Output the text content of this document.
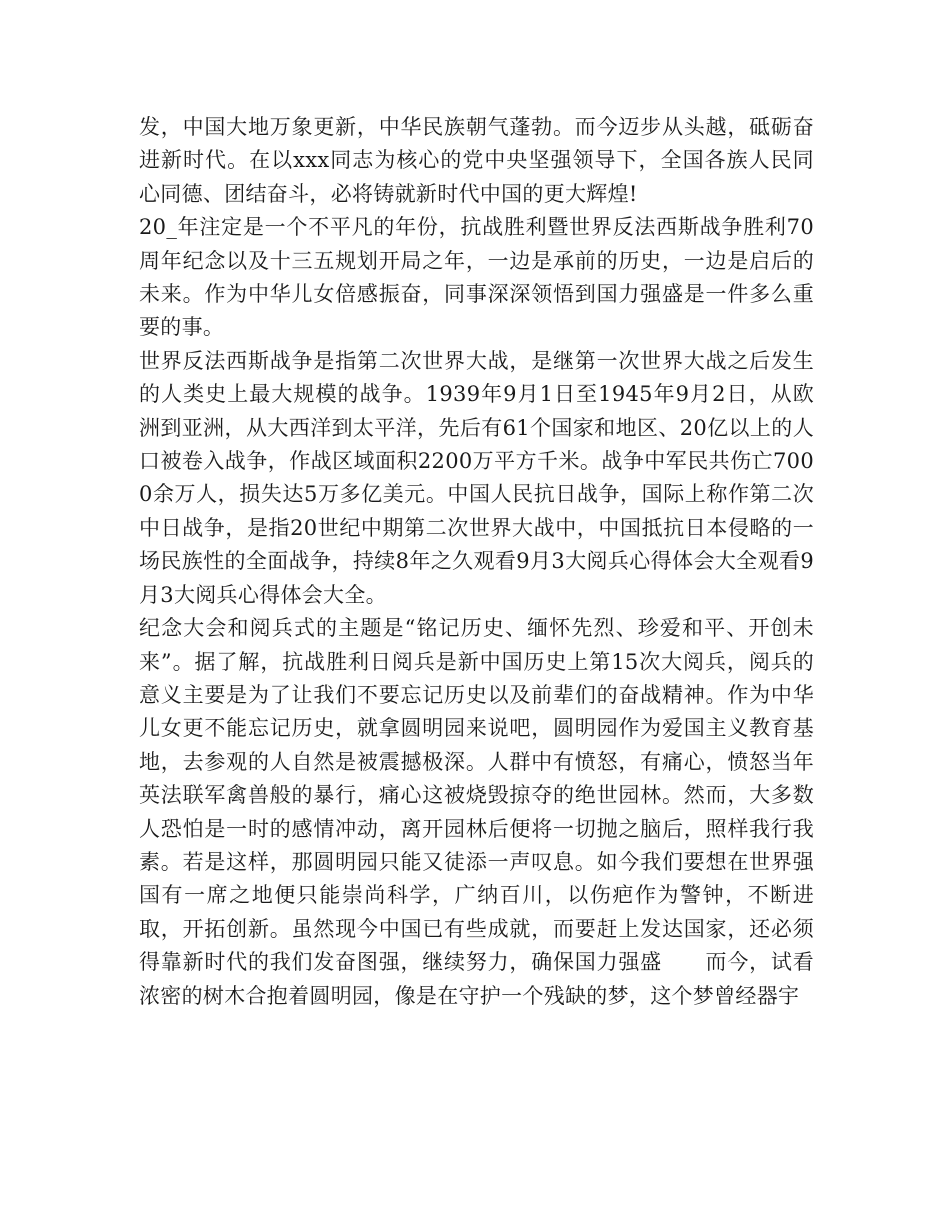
发，中国大地万象更新，中华民族朝气蓬勃。而今迈步从头越，砥砺奋进新时代。在以xxx同志为核心的党中央坚强领导下，全国各族人民同心同德、团结奋斗，必将铸就新时代中国的更大辉煌!

20_年注定是一个不平凡的年份，抗战胜利暨世界反法西斯战争胜利70周年纪念以及十三五规划开局之年，一边是承前的历史，一边是启后的未来。作为中华儿女倍感振奋，同事深深领悟到国力强盛是一件多么重要的事。

世界反法西斯战争是指第二次世界大战，是继第一次世界大战之后发生的人类史上最大规模的战争。1939年9月1日至1945年9月2日，从欧洲到亚洲，从大西洋到太平洋，先后有61个国家和地区、20亿以上的人口被卷入战争，作战区域面积2200万平方千米。战争中军民共伤亡7000余万人，损失达5万多亿美元。中国人民抗日战争，国际上称作第二次中日战争，是指20世纪中期第二次世界大战中，中国抵抗日本侵略的一场民族性的全面战争，持续8年之久观看9月3大阅兵心得体会大全观看9月3大阅兵心得体会大全。

纪念大会和阅兵式的主题是“铭记历史、缅怀先烈、珍爱和平、开创未来”。据了解，抗战胜利日阅兵是新中国历史上第15次大阅兵，阅兵的意义主要是为了让我们不要忘记历史以及前辈们的奋战精神。作为中华儿女更不能忘记历史，就拿圆明园来说吧，圆明园作为爱国主义教育基地，去参观的人自然是被震撼极深。人群中有愤怒，有痛心，愤怒当年英法联军禽兽般的暴行，痛心这被烧毁掠夺的绝世园林。然而，大多数人恐怕是一时的感情冲动，离开园林后便将一切抛之脑后，照样我行我素。若是这样，那圆明园只能又徒添一声叹息。如今我们要想在世界强国有一席之地便只能崇尚科学，广纳百川，以伤疤作为警钟，不断进取，开拓创新。虽然现今中国已有些成就，而要赶上发达国家，还必须得靠新时代的我们发奋图强，继续努力，确保国力强盛　　而今，试看浓密的树木合抱着圆明园，像是在守护一个残缺的梦，这个梦曾经器宇
